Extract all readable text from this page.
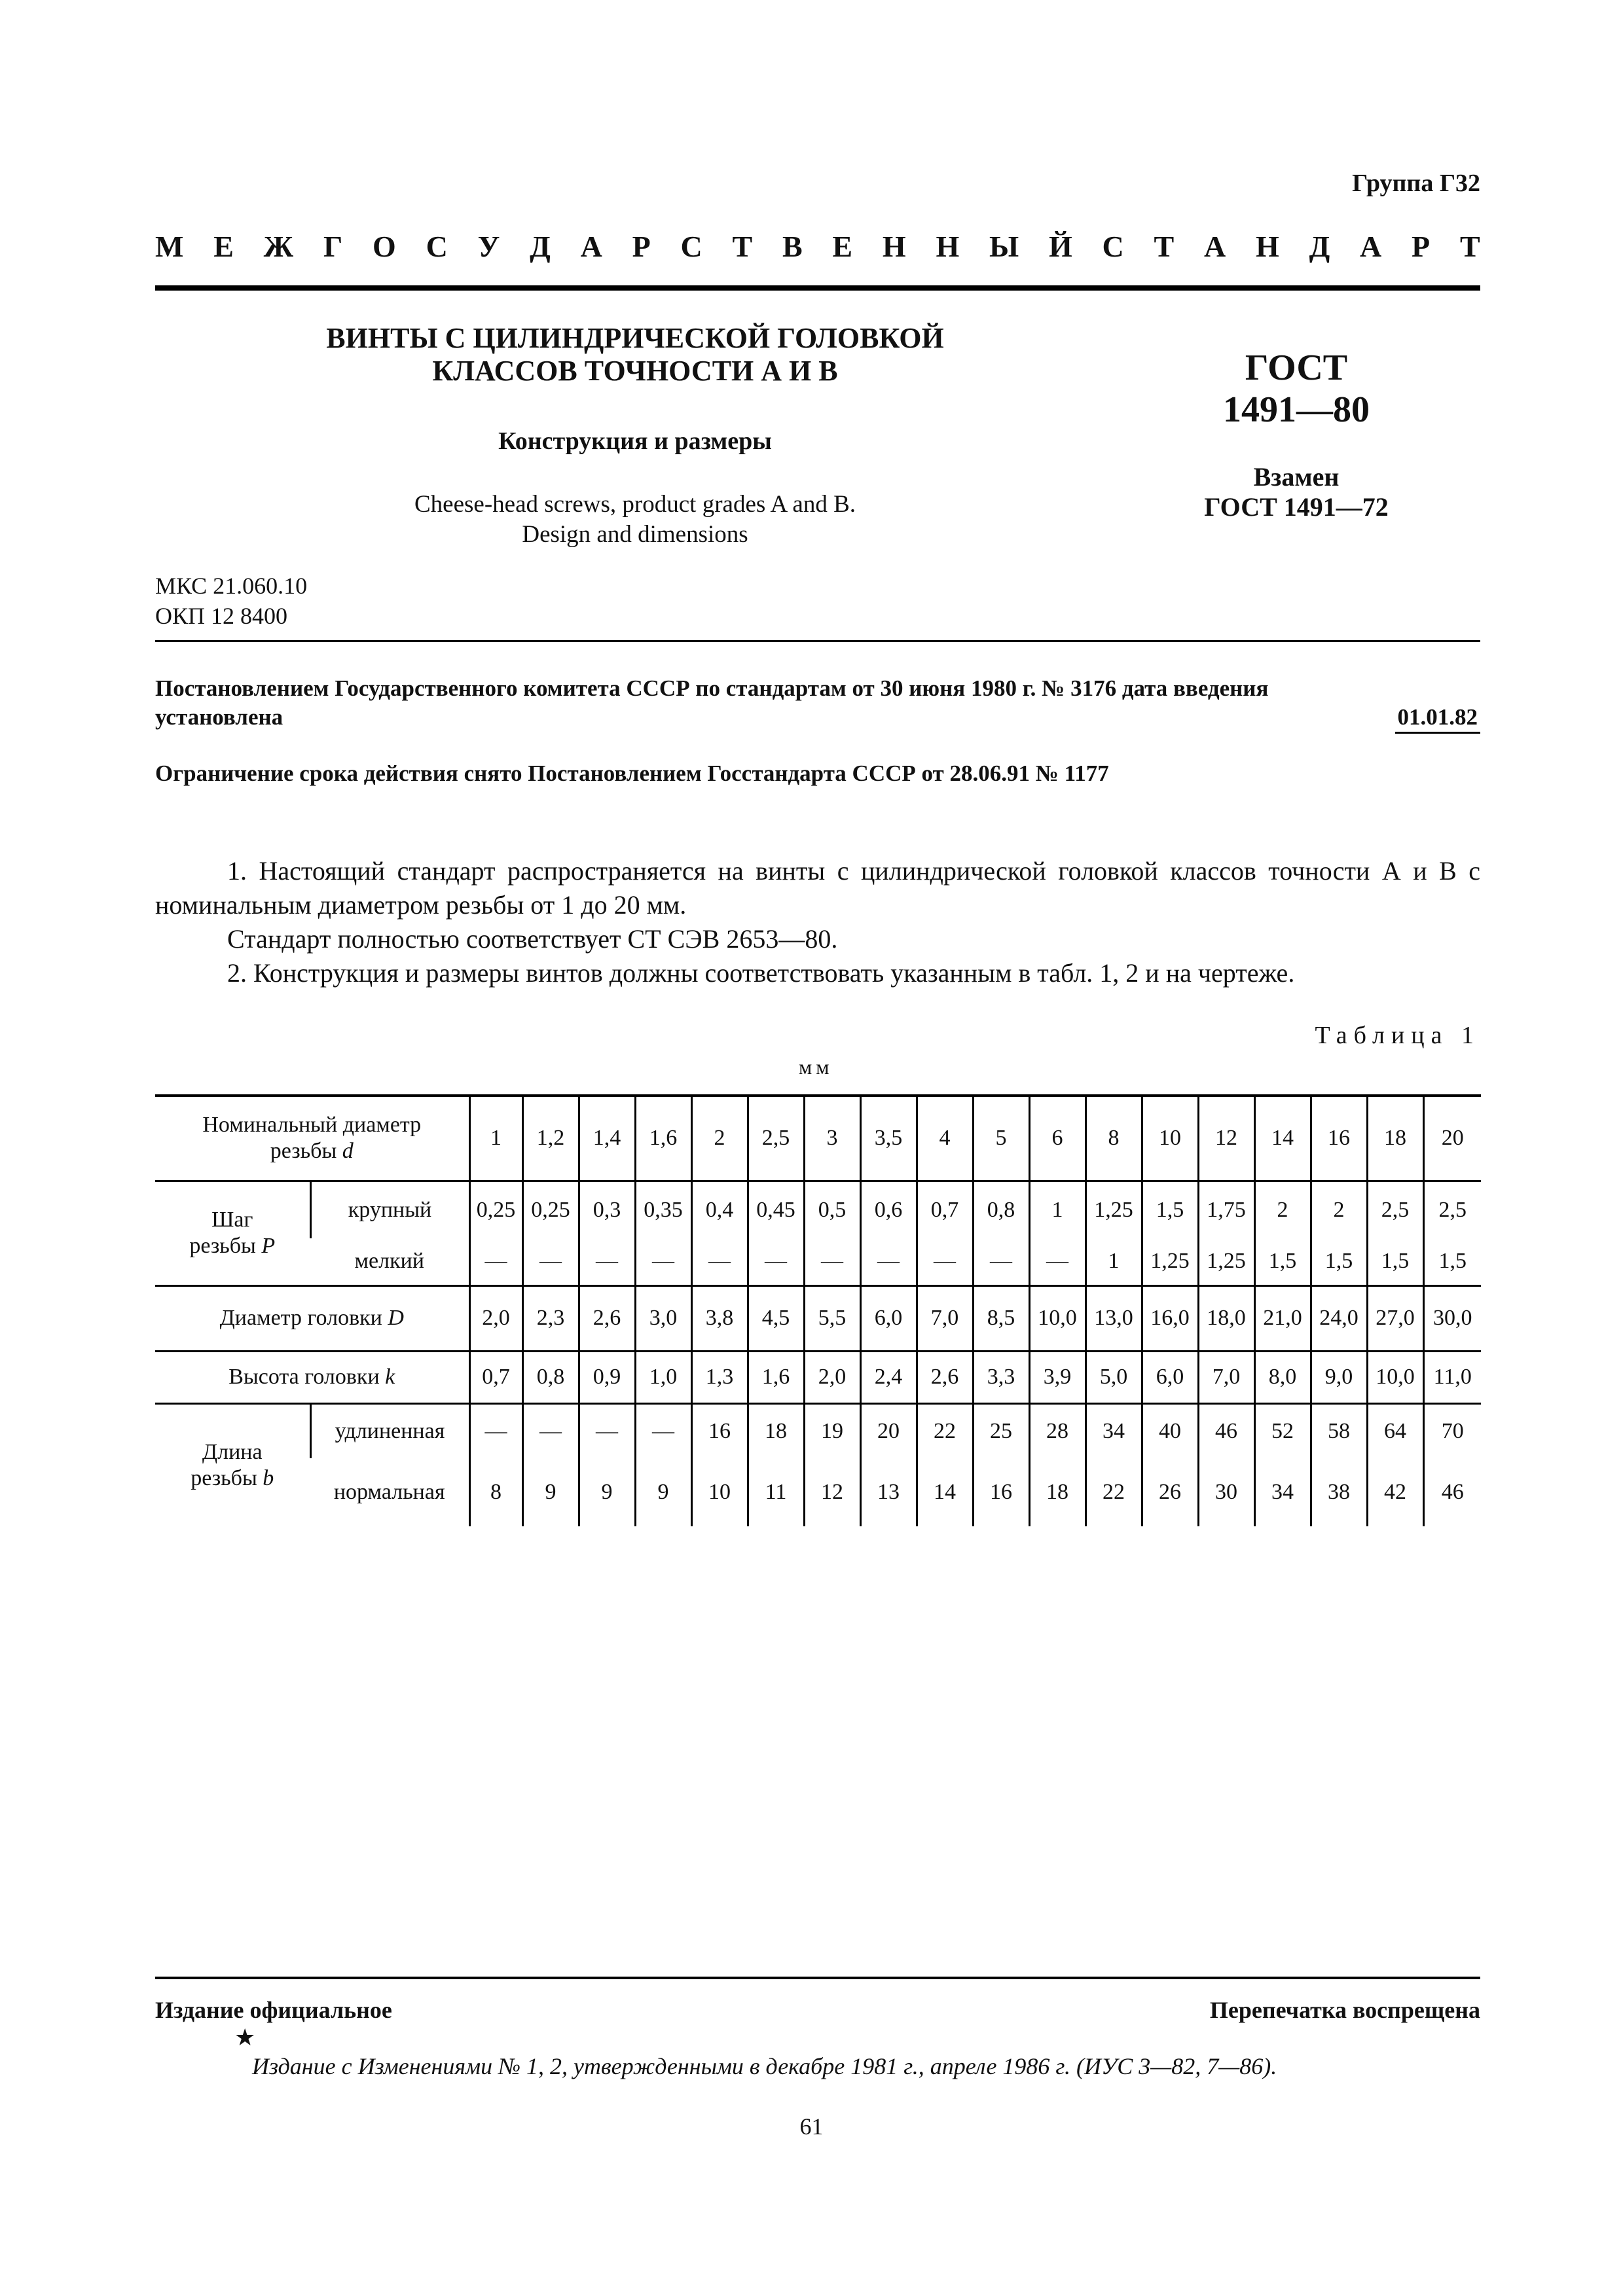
Группа Г32
М Е Ж Г О С У Д А Р С Т В Е Н Н Ы Й С Т А Н Д А Р Т
ВИНТЫ С ЦИЛИНДРИЧЕСКОЙ ГОЛОВКОЙ
КЛАССОВ ТОЧНОСТИ А И В
Конструкция и размеры
Cheese-head screws, product grades A and B.
Design and dimensions
ГОСТ
1491—80
Взамен
ГОСТ 1491—72
МКС 21.060.10
ОКП 12 8400
Постановлением Государственного комитета СССР по стандартам от 30 июня 1980 г. № 3176 дата введения
установлена	01.01.82
Ограничение срока действия снято Постановлением Госстандарта СССР от 28.06.91 № 1177
1. Настоящий стандарт распространяется на винты с цилиндрической головкой классов точности А и В с номинальным диаметром резьбы от 1 до 20 мм.
Стандарт полностью соответствует СТ СЭВ 2653—80.
2. Конструкция и размеры винтов должны соответствовать указанным в табл. 1, 2 и на чертеже.
Таблица 1
мм
Номинальный диаметр
резьбы d		1	1,2	1,4	1,6	2	2,5	3	3,5	4	5	6	8	10	12	14	16	18	20
Шаг
резьбы P	крупный	0,25	0,25	0,3	0,35	0,4	0,45	0,5	0,6	0,7	0,8	1	1,25	1,5	1,75	2	2	2,5	2,5
	мелкий	—	—	—	—	—	—	—	—	—	—	—	1	1,25	1,25	1,5	1,5	1,5	1,5
Диаметр головки D		2,0	2,3	2,6	3,0	3,8	4,5	5,5	6,0	7,0	8,5	10,0	13,0	16,0	18,0	21,0	24,0	27,0	30,0
Высота головки k		0,7	0,8	0,9	1,0	1,3	1,6	2,0	2,4	2,6	3,3	3,9	5,0	6,0	7,0	8,0	9,0	10,0	11,0
Длина
резьбы b	удлиненная	—	—	—	—	16	18	19	20	22	25	28	34	40	46	52	58	64	70
	нормальная	8	9	9	9	10	11	12	13	14	16	18	22	26	30	34	38	42	46
Издание официальное	Перепечатка воспрещена
★
Издание с Изменениями № 1, 2, утвержденными в декабре 1981 г., апреле 1986 г. (ИУС 3—82, 7—86).
61
